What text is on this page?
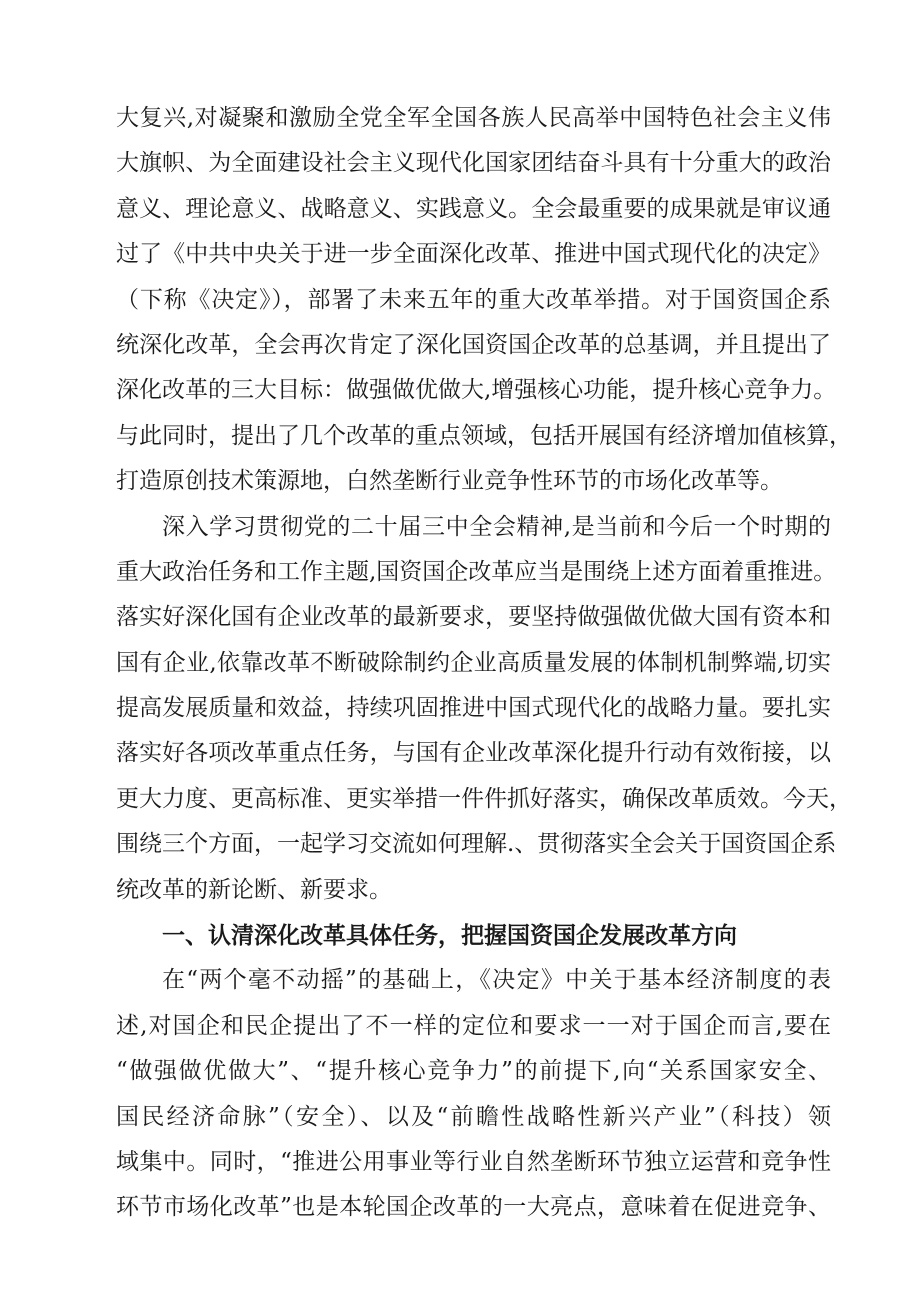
大复兴,对凝聚和激励全党全军全国各族人民高举中国特色社会主义伟
大旗帜、为全面建设社会主义现代化国家团结奋斗具有十分重大的政治
意义、理论意义、战略意义、实践意义。全会最重要的成果就是审议通
过了《中共中央关于进一步全面深化改革、推进中国式现代化的决定》
（下称《决定》），部署了未来五年的重大改革举措。对于国资国企系
统深化改革，全会再次肯定了深化国资国企改革的总基调，并且提出了
深化改革的三大目标：做强做优做大,增强核心功能，提升核心竞争力。
与此同时，提出了几个改革的重点领域，包括开展国有经济增加值核算，
打造原创技术策源地，白然垄断行业竞争性环节的市场化改革等。
深入学习贯彻党的二十届三中全会精神,是当前和今后一个时期的
重大政治任务和工作主题,国资国企改革应当是围绕上述方面着重推进。
落实好深化国有企业改革的最新要求，要坚持做强做优做大国有资本和
国有企业,依靠改革不断破除制约企业高质量发展的体制机制弊端,切实
提高发展质量和效益，持续巩固推进中国式现代化的战略力量。要扎实
落实好各项改革重点任务，与国有企业改革深化提升行动有效衔接，以
更大力度、更高标准、更实举措一件件抓好落实，确保改革质效。今天，
围绕三个方面，一起学习交流如何理解.、贯彻落实全会关于国资国企系
统改革的新论断、新要求。
一、认清深化改革具体任务，把握国资国企发展改革方向
在“两个毫不动摇”的基础上，《决定》中关于基本经济制度的表
述,对国企和民企提出了不一样的定位和要求一一对于国企而言,要在
“做强做优做大”、“提升核心竞争力”的前提下,向“关系国家安全、
国民经济命脉”（安全）、以及“前瞻性战略性新兴产业”（科技）领
域集中。同时，“推进公用事业等行业自然垄断环节独立运营和竞争性
环节市场化改革”也是本轮国企改革的一大亮点，意味着在促进竞争、
